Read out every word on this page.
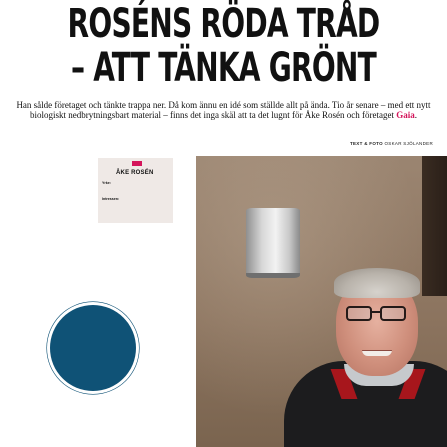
ROSÉNS RÖDA TRÅD
– ATT TÄNKA GRÖNT

Han sålde företaget och tänkte trappa ner. Då kom ännu en idé som ställde allt på ända. Tio år senare – med ett nytt biologiskt nedbrytningsbart material – finns det inga skäl att ta det lugnt för Åke Rosén och företaget Gaia.

TEXT & FOTO OSKAR SJÖLANDER
ÅKE ROSÉN
Yrke:
Intressen:
